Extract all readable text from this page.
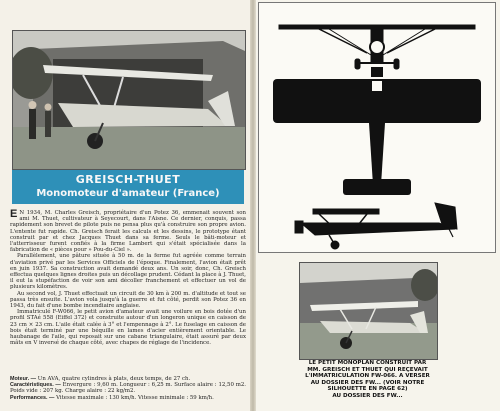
GREISCH-THUET
Monomoteur d'amateur (France)

E N 1934, M. Charles Greisch, propriétaire d'un Potez 36, emmenait souvent son ami M. Thuet, cultivateur à Seyecourt, dans l'Aisne. Ce dernier, conquis, passa rapidement son brevet de pilote puis ne pensa plus qu'à construire son propre avion. L'entente fut rapide. Ch. Greisch ferait les calculs et les dessins, le prototype étant construit par et chez Jacques Thuet dans sa ferme. Seuls le bâti-moteur et l'atterrisseur furent confiés à la firme Lambert qui s'était spécialisée dans la fabrication de « pièces pour » Pou-du-Ciel ».

Parallèlement, une pâture située à 50 m. de la ferme fut agréée comme terrain d'aviation privé par les Services Officiels de l'époque. Finalement, l'avion était prêt en juin 1937. Sa construction avait demandé deux ans. Un soir, donc, Ch. Greisch effectua quelques lignes droites puis un décollage prudent. Cédant la place à J. Thuet, il eut la stupéfaction de voir son ami décoller franchement et effectuer un vol de plusieurs kilomètres.

Au second vol, J. Thuet effectuait un circuit de 30 km à 200 m. d'altitude et tout se passa très ensuite. L'avion vola jusqu'à la guerre et fut côté, perdit son Potez 36 en 1943, du fait d'une bombe incendiaire anglaise.

Immatriculé F-W066, le petit avion d'amateur avait une voilure en bois dotée d'un profil STAé 558 (Eiffel 372) et construite autour d'un longeron unique en caisson de 23 cm × 23 cm. L'aile était calée à 3° et l'empennage à 2°. Le fuselage en caisson de bois était terminé par une béquille en lames d'acier entièrement orientable. Le haubanage de l'aile, qui reposait sur une cabane triangulaire, était assuré par deux mâts en V inversé de chaque côté, avec chapes de réglage de l'incidence.

Moteur. — Un AVA, quatre cylindres à plats, deux temps, de 27 ch.
Caractéristiques. — Envergure : 9,60 m. Longueur : 6,25 m. Surface alaire : 12,50 m2. Poids vide : 207 kg. Charge alaire : 22 kg/m2.
Performances. — Vitesse maximale : 130 km/h. Vitesse minimale : 59 km/h.
LE PETIT MONOPLAN CONSTRUIT PAR
MM. GREISCH ET THUET QUI REÇEVAIT
L'IMMATRICULATION FW-066. A VERSER
AU DOSSIER DES FW... (VOIR NOTRE
SILHOUETTE EN PAGE 62)
AU DOSSIER DES FW...
